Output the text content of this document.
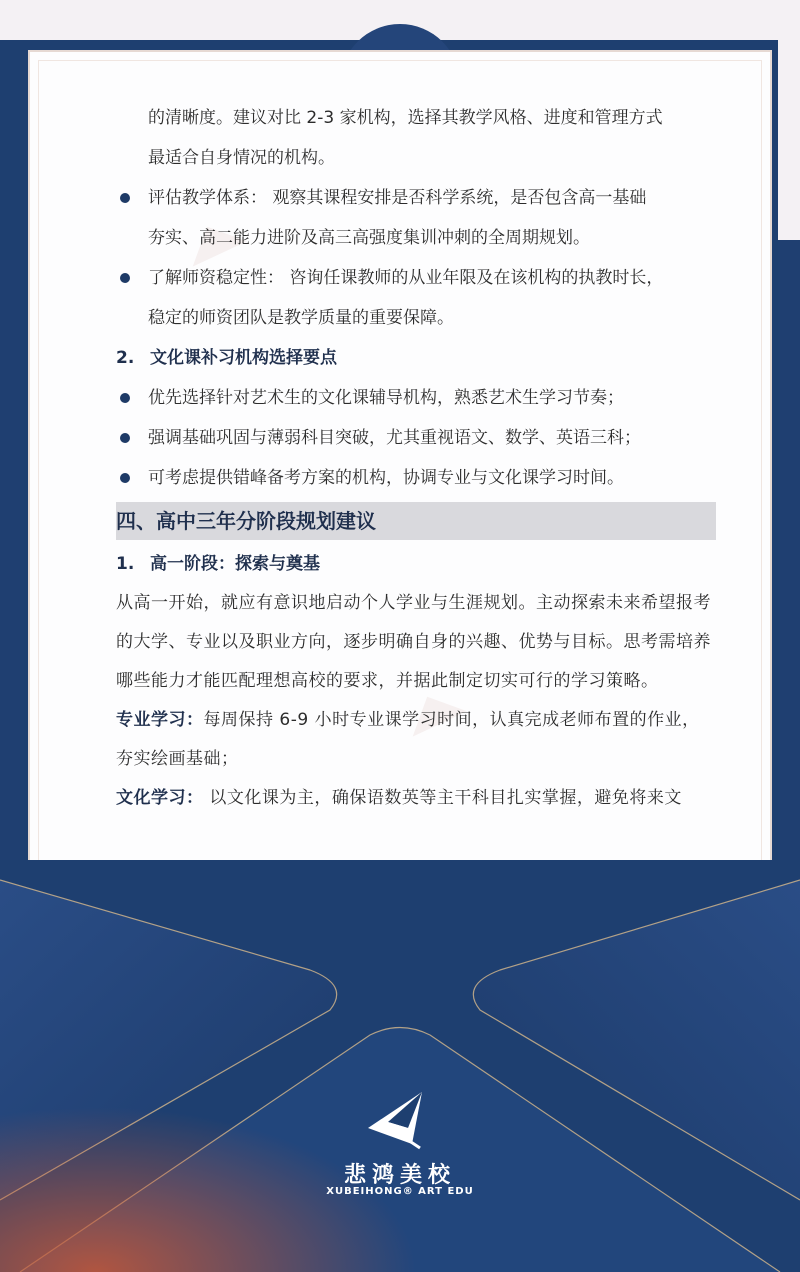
的清晰度。建议对比 2-3 家机构，选择其教学风格、进度和管理方式
最适合自身情况的机构。
评估教学体系： 观察其课程安排是否科学系统，是否包含高一基础
夯实、高二能力进阶及高三高强度集训冲刺的全周期规划。
了解师资稳定性： 咨询任课教师的从业年限及在该机构的执教时长，
稳定的师资团队是教学质量的重要保障。
2. 文化课补习机构选择要点
优先选择针对艺术生的文化课辅导机构，熟悉艺术生学习节奏；
强调基础巩固与薄弱科目突破，尤其重视语文、数学、英语三科；
可考虑提供错峰备考方案的机构，协调专业与文化课学习时间。
四、高中三年分阶段规划建议
1. 高一阶段：探索与奠基
从高一开始，就应有意识地启动个人学业与生涯规划。主动探索未来希望报考的大学、专业以及职业方向，逐步明确自身的兴趣、优势与目标。思考需培养哪些能力才能匹配理想高校的要求，并据此制定切实可行的学习策略。
专业学习：每周保持 6-9 小时专业课学习时间，认真完成老师布置的作业，夯实绘画基础；
文化学习： 以文化课为主，确保语数英等主干科目扎实掌握，避免将来文
悲鸿美校
XUBEIHONG® ART EDU
